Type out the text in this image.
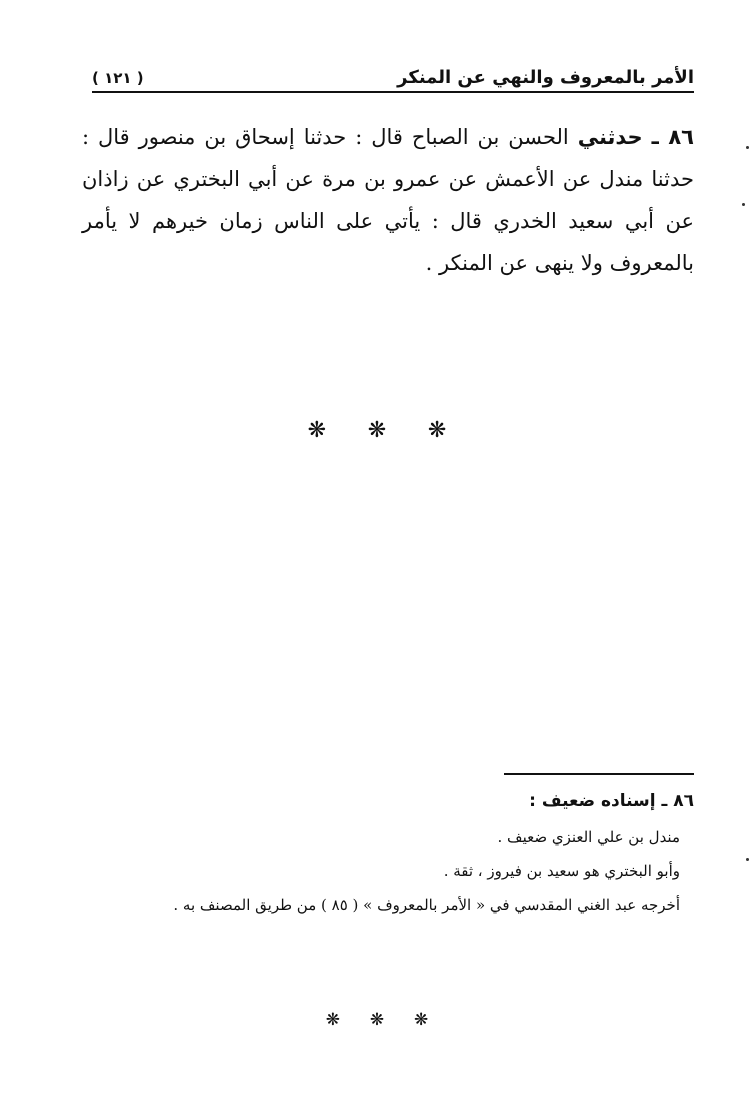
الأمر بالمعروف والنهي عن المنكر
( ١٢١ )
٨٦ ـ حدثني الحسن بن الصباح قال : حدثنا إسحاق بن منصور قال : حدثنا مندل عن الأعمش عن عمرو بن مرة عن أبي البختري عن زاذان عن أبي سعيد الخدري قال : يأتي على الناس زمان خيرهم لا يأمر بالمعروف ولا ينهى عن المنكر .
❋ ❋ ❋
٨٦ ـ إسناده ضعيف :
مندل بن علي العنزي ضعيف .
وأبو البختري هو سعيد بن فيروز ، ثقة .
أخرجه عبد الغني المقدسي في « الأمر بالمعروف » ( ٨٥ ) من طريق المصنف به .
❋ ❋ ❋
